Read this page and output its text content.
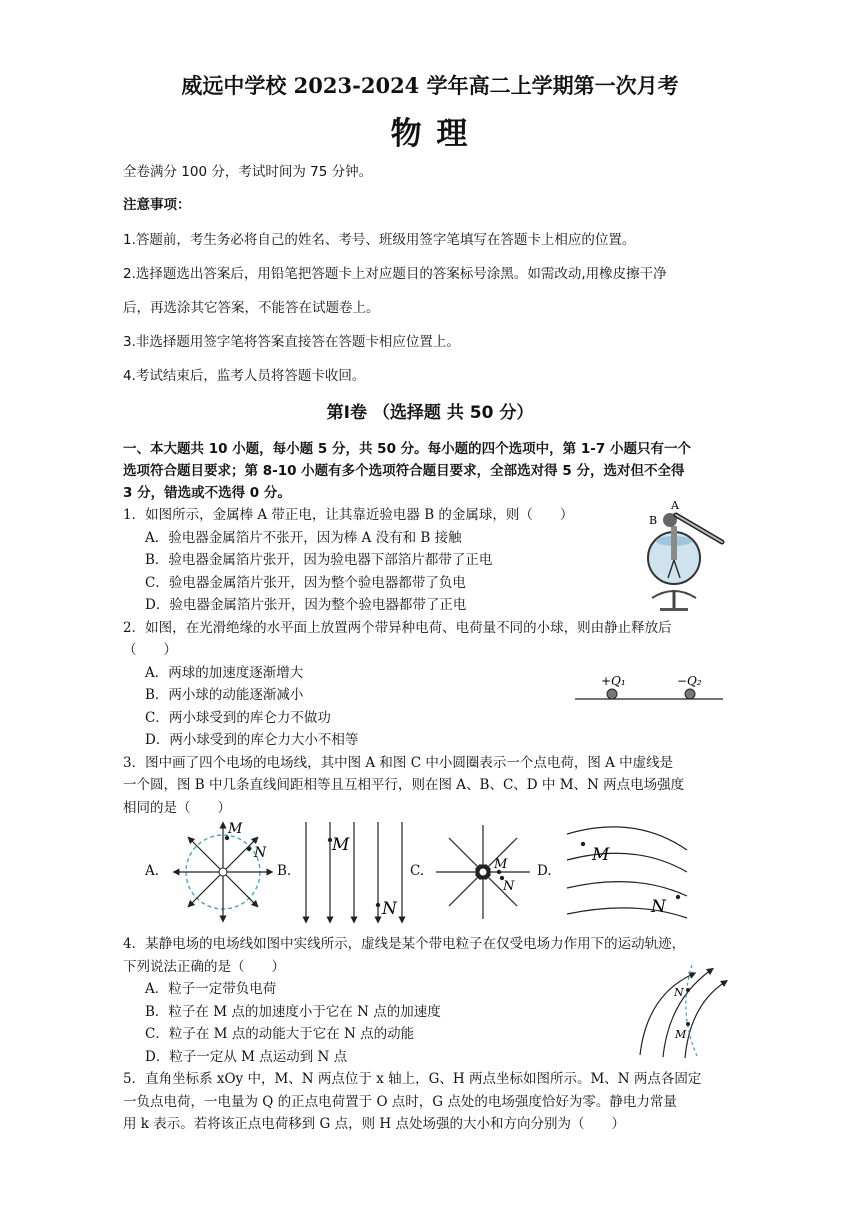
威远中学校 2023-2024 学年高二上学期第一次月考
物 理
全卷满分 100 分，考试时间为 75 分钟。
注意事项：
1.答题前，考生务必将自己的姓名、考号、班级用签字笔填写在答题卡上相应的位置。
2.选择题选出答案后，用铅笔把答题卡上对应题目的答案标号涂黑。如需改动,用橡皮擦干净
后，再选涂其它答案，不能答在试题卷上。
3.非选择题用签字笔将答案直接答在答题卡相应位置上。
4.考试结束后，监考人员将答题卡收回。
第Ⅰ卷 （选择题 共 50 分）
一、本大题共 10 小题，每小题 5 分，共 50 分。每小题的四个选项中，第 1-7 小题只有一个
选项符合题目要求；第 8-10 小题有多个选项符合题目要求，全部选对得 5 分，选对但不全得
3 分，错选或不选得 0 分。
1．如图所示，金属棒 A 带正电，让其靠近验电器 B 的金属球，则（　　）
A．验电器金属箔片不张开，因为棒 A 没有和 B 接触
B．验电器金属箔片张开，因为验电器下部箔片都带了正电
C．验电器金属箔片张开，因为整个验电器都带了负电
D．验电器金属箔片张开，因为整个验电器都带了正电
A
B
2．如图，在光滑绝缘的水平面上放置两个带异种电荷、电荷量不同的小球，则由静止释放后
（　　）
A．两球的加速度逐渐增大
B．两小球的动能逐渐减小
C．两小球受到的库仑力不做功
D．两小球受到的库仑力大小不相等
+Q₁	−Q₂
3．图中画了四个电场的电场线，其中图 A 和图 C 中小圆圈表示一个点电荷，图 A 中虚线是
一个圆，图 B 中几条直线间距相等且互相平行，则在图 A、B、C、D 中 M、N 两点电场强度
相同的是（　　）
A.	B.	C.	D.
M
N	M
N
M
N
M
N
4．某静电场的电场线如图中实线所示，虚线是某个带电粒子在仅受电场力作用下的运动轨迹，
下列说法正确的是（　　）
A．粒子一定带负电荷
B．粒子在 M 点的加速度小于它在 N 点的加速度
C．粒子在 M 点的动能大于它在 N 点的动能
D．粒子一定从 M 点运动到 N 点
M
N
5．直角坐标系 xOy 中，M、N 两点位于 x 轴上，G、H 两点坐标如图所示。M、N 两点各固定
一负点电荷，一电量为 Q 的正点电荷置于 O 点时，G 点处的电场强度恰好为零。静电力常量
用 k 表示。若将该正点电荷移到 G 点，则 H 点处场强的大小和方向分别为（　　）
